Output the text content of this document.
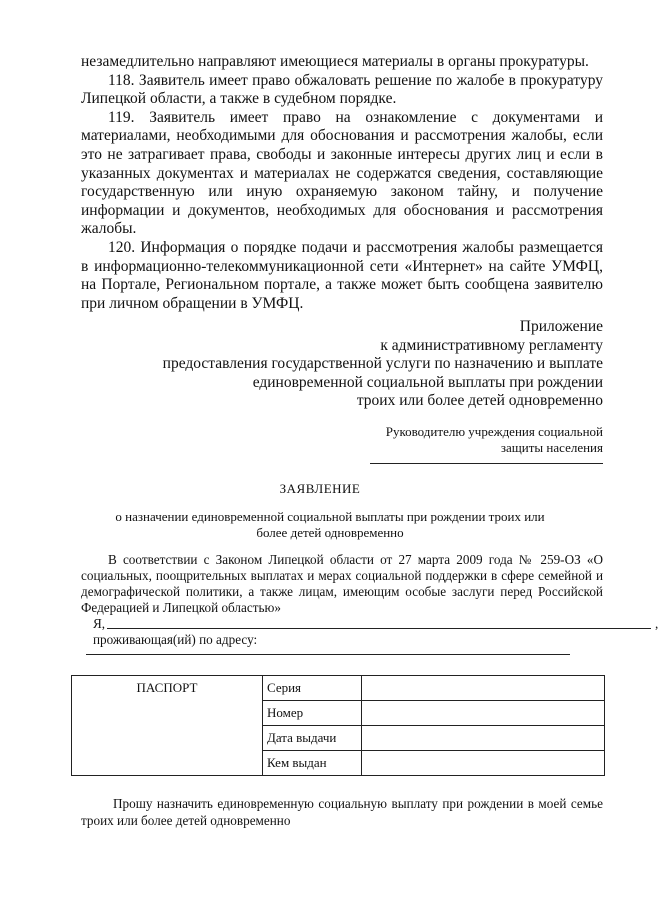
незамедлительно направляют имеющиеся материалы в органы прокуратуры.

118. Заявитель имеет право обжаловать решение по жалобе в прокуратуру Липецкой области, а также в судебном порядке.

119. Заявитель имеет право на ознакомление с документами и материалами, необходимыми для обоснования и рассмотрения жалобы, если это не затрагивает права, свободы и законные интересы других лиц и если в указанных документах и материалах не содержатся сведения, составляющие государственную или иную охраняемую законом тайну, и получение информации и документов, необходимых для обоснования и рассмотрения жалобы.

120. Информация о порядке подачи и рассмотрения жалобы размещается в информационно-телекоммуникационной сети «Интернет» на сайте УМФЦ, на Портале, Региональном портале, а также может быть сообщена заявителю при личном обращении в УМФЦ.

Приложение
к административному регламенту
предоставления государственной услуги по назначению и выплате
единовременной социальной выплаты при рождении
троих или более детей одновременно
Руководителю учреждения социальной
защиты населения
ЗАЯВЛЕНИЕ
о назначении единовременной социальной выплаты при рождении троих или более детей одновременно

В соответствии с Законом Липецкой области от 27 марта 2009 года № 259-ОЗ «О социальных, поощрительных выплатах и мерах социальной поддержки в сфере семейной и демографической политики, а также лицам, имеющим особые заслуги перед Российской Федерацией и Липецкой областью»

Я,	,
проживающая(ий) по адресу:
ПАСПОРТ	Серия	
	Номер	
	Дата выдачи	
	Кем выдан	

Прошу назначить единовременную социальную выплату при рождении в моей семье троих или более детей одновременно
